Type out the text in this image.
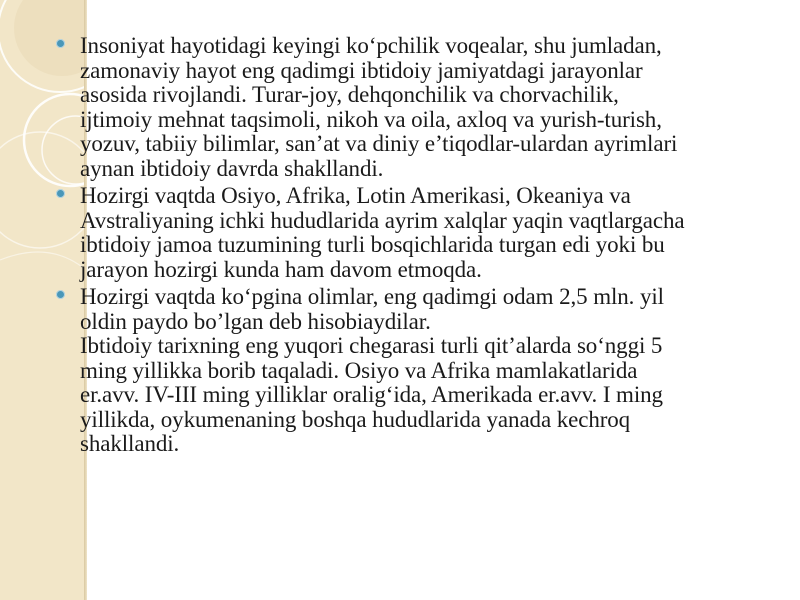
Insoniyat hayotidagi keyingi ko‘pchilik voqealar, shu jumladan,
zamonaviy hayot eng qadimgi ibtidoiy jamiyatdagi jarayonlar
asosida rivojlandi. Turar-joy, dehqonchilik va chorvachilik,
ijtimoiy mehnat taqsimoli, nikoh va oila, axloq va yurish-turish,
yozuv, tabiiy bilimlar, san’at va diniy e’tiqodlar-ulardan ayrimlari
aynan ibtidoiy davrda shakllandi.
Hozirgi vaqtda Osiyo, Afrika, Lotin Amerikasi, Okeaniya va
Avstraliyaning ichki hududlarida ayrim xalqlar yaqin vaqtlargacha
ibtidoiy jamoa tuzumining turli bosqichlarida turgan edi yoki bu
jarayon hozirgi kunda ham davom etmoqda.
Hozirgi vaqtda ko‘pgina olimlar, eng qadimgi odam 2,5 mln. yil
oldin paydo bo’lgan deb hisobiaydilar.
Ibtidoiy tarixning eng yuqori chegarasi turli qit’alarda so‘nggi 5
ming yillikka borib taqaladi. Osiyo va Afrika mamlakatlarida
er.avv. IV-III ming yilliklar oralig‘ida, Amerikada er.avv. I ming
yillikda, oykumenaning boshqa hududlarida yanada kechroq
shakllandi.
